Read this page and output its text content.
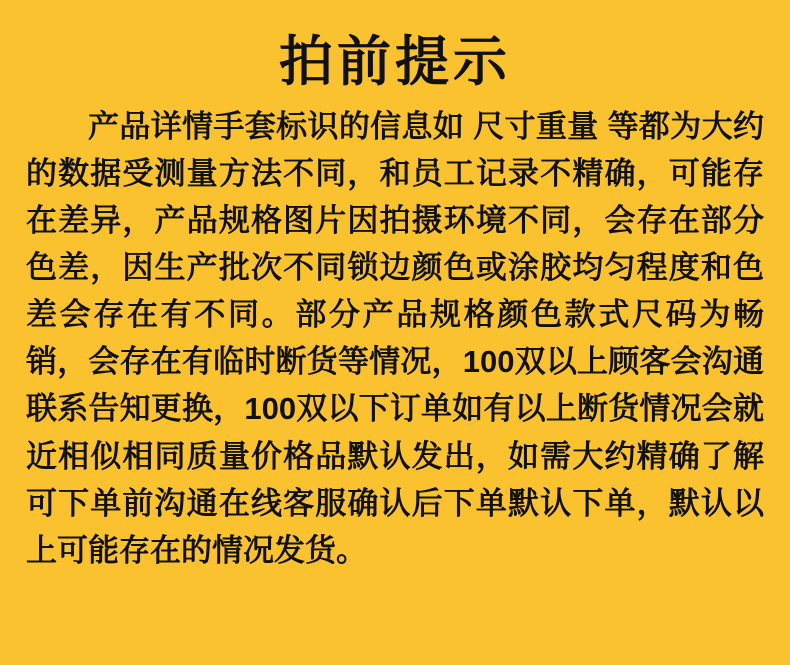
拍前提示
产品详情手套标识的信息如 尺寸重量 等都为大约的数据受测量方法不同，和员工记录不精确，可能存在差异，产品规格图片因拍摄环境不同，会存在部分色差，因生产批次不同锁边颜色或涂胶均匀程度和色差会存在有不同。部分产品规格颜色款式尺码为畅销，会存在有临时断货等情况，100双以上顾客会沟通联系告知更换，100双以下订单如有以上断货情况会就近相似相同质量价格品默认发出，如需大约精确了解可下单前沟通在线客服确认后下单默认下单，默认以上可能存在的情况发货。
